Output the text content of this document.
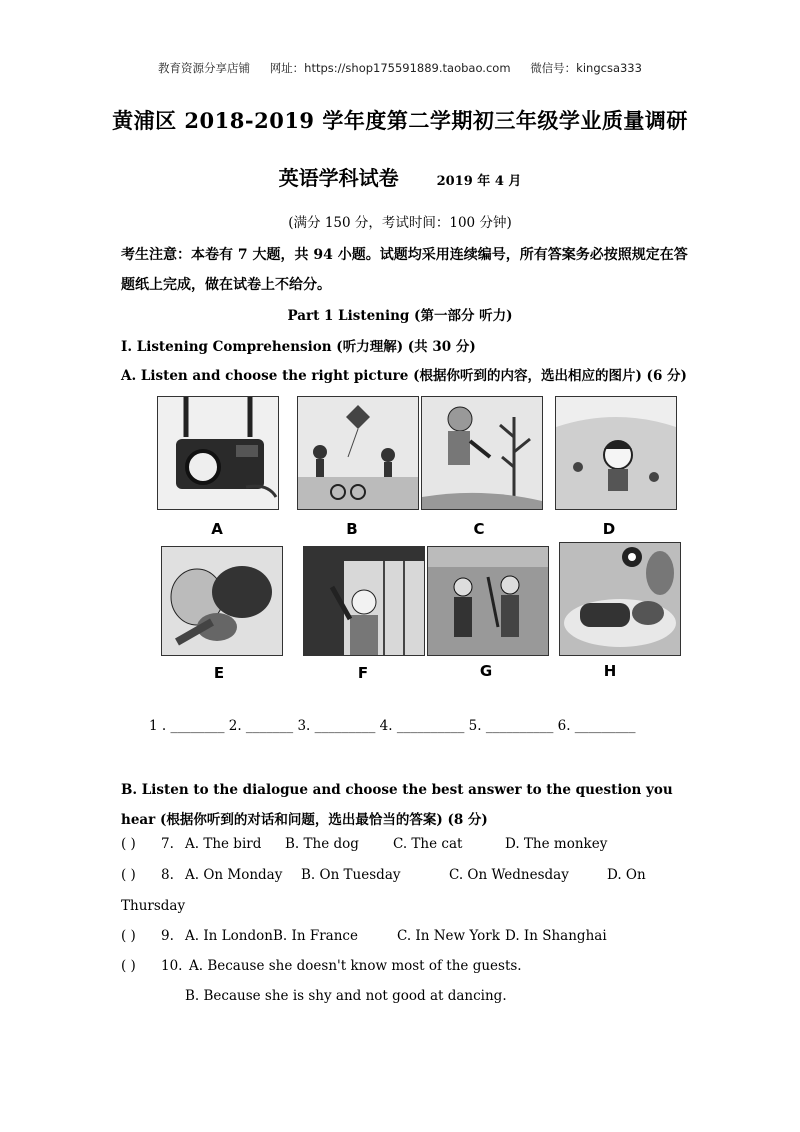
教育资源分享店铺 网址：https://shop175591889.taobao.com 微信号：kingcsa333
黄浦区 2018-2019 学年度第二学期初三年级学业质量调研
英语学科试卷	2019 年 4 月
(满分 150 分，考试时间：100 分钟)
考生注意：本卷有 7 大题，共 94 小题。试题均采用连续编号，所有答案务必按照规定在答题纸上完成，做在试卷上不给分。
Part 1 Listening (第一部分 听力)
I. Listening Comprehension (听力理解) (共 30 分)
A. Listen and choose the right picture (根据你听到的内容，选出相应的图片) (6 分)
A	B	C	D
E	F	G	H
1 . ________ 2. _______ 3. _________ 4. __________ 5. __________ 6. _________
B. Listen to the dialogue and choose the best answer to the question you hear (根据你听到的对话和问题，选出最恰当的答案) (8 分)
( ) 7. A. The bird B. The dog	C. The cat	D. The monkey
( ) 8. A. On Monday B. On Tuesday	C. On Wednesday	D. On
Thursday
( ) 9. A. In LondonB. In France	C. In New York D. In Shanghai
( ) 10. A. Because she doesn't know most of the guests.
B. Because she is shy and not good at dancing.
